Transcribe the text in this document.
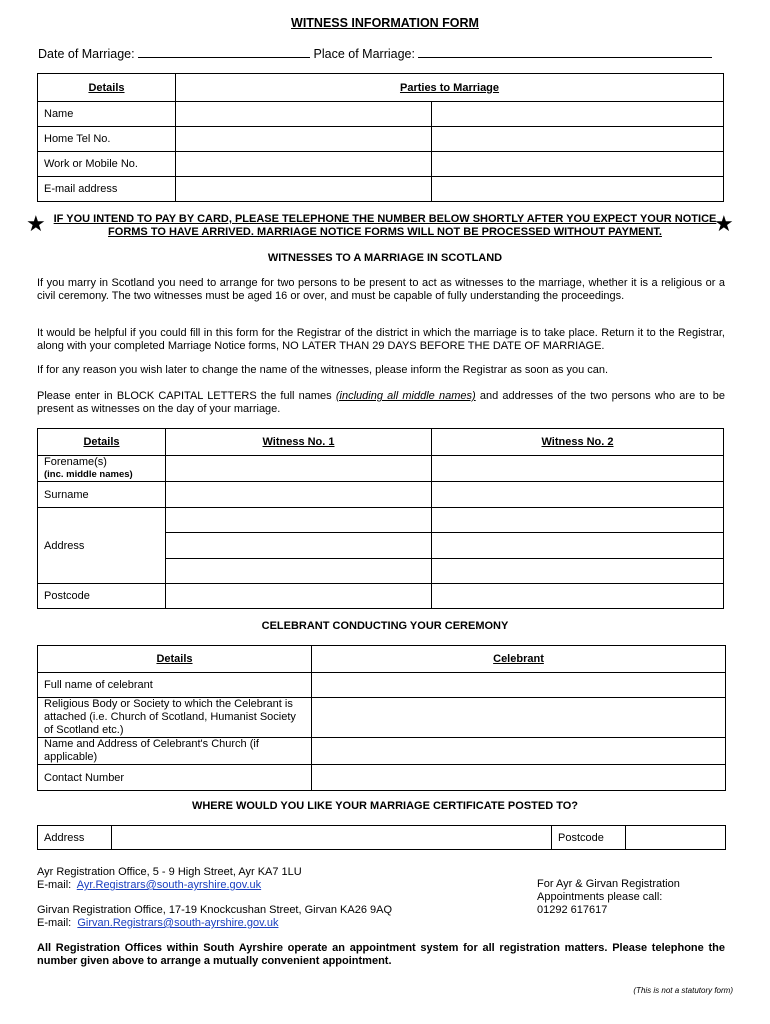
WITNESS INFORMATION FORM
Date of Marriage:	Place of Marriage:
Details	Parties to Marriage	
Name		
Home Tel No.		
Work or Mobile No.		
E-mail address		
★ IF YOU INTEND TO PAY BY CARD, PLEASE TELEPHONE THE NUMBER BELOW SHORTLY AFTER YOU EXPECT YOUR NOTICE FORMS TO HAVE ARRIVED. MARRIAGE NOTICE FORMS WILL NOT BE PROCESSED WITHOUT PAYMENT.	★
WITNESSES TO A MARRIAGE IN SCOTLAND
If you marry in Scotland you need to arrange for two persons to be present to act as witnesses to the marriage, whether it is a religious or a civil ceremony. The two witnesses must be aged 16 or over, and must be capable of fully understanding the proceedings.
It would be helpful if you could fill in this form for the Registrar of the district in which the marriage is to take place. Return it to the Registrar, along with your completed Marriage Notice forms, NO LATER THAN 29 DAYS BEFORE THE DATE OF MARRIAGE.
If for any reason you wish later to change the name of the witnesses, please inform the Registrar as soon as you can.
Please enter in BLOCK CAPITAL LETTERS the full names (including all middle names) and addresses of the two persons who are to be present as witnesses on the day of your marriage.
Details	Witness No. 1	Witness No. 2
Forename(s)
(inc. middle names)		
Surname		
Address		

Postcode		
CELEBRANT CONDUCTING YOUR CEREMONY
Details	Celebrant
Full name of celebrant	
Religious Body or Society to which the Celebrant is attached (i.e. Church of Scotland, Humanist Society of Scotland etc.)	
Name and Address of Celebrant's Church (if applicable)	
Contact Number	
WHERE WOULD YOU LIKE YOUR MARRIAGE CERTIFICATE POSTED TO?
Address		Postcode	
Ayr Registration Office, 5 - 9 High Street, Ayr KA7 1LU
E-mail: Ayr.Registrars@south-ayrshire.gov.uk
Girvan Registration Office, 17-19 Knockcushan Street, Girvan KA26 9AQ
E-mail: Girvan.Registrars@south-ayrshire.gov.uk
For Ayr & Girvan Registration
Appointments please call:
01292 617617
All Registration Offices within South Ayrshire operate an appointment system for all registration matters. Please telephone the number given above to arrange a mutually convenient appointment.
(This is not a statutory form)
